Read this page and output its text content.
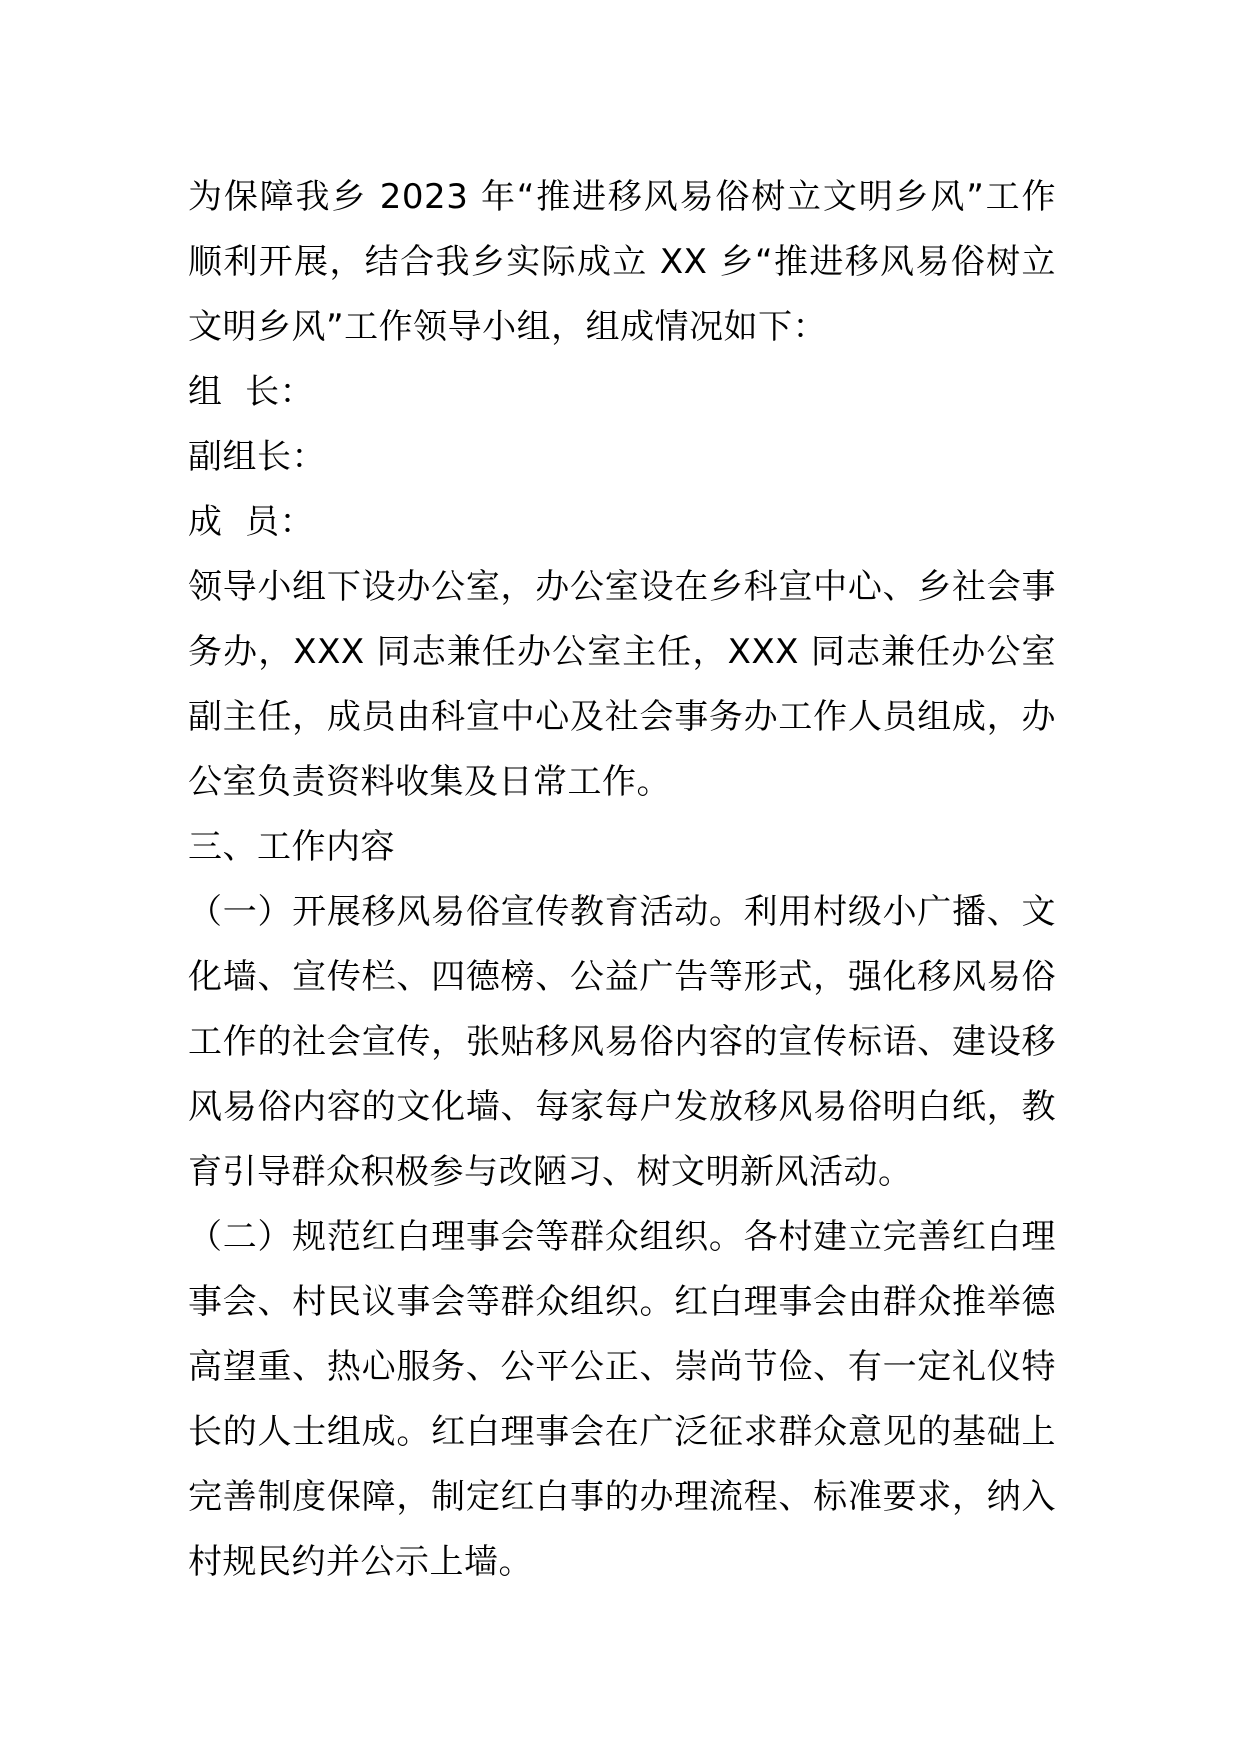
为保障我乡 2023 年“推进移风易俗树立文明乡风”工作顺利开展，结合我乡实际成立 XX 乡“推进移风易俗树立文明乡风”工作领导小组，组成情况如下：

组  长：

副组长：

成  员：

领导小组下设办公室，办公室设在乡科宣中心、乡社会事务办，XXX 同志兼任办公室主任，XXX 同志兼任办公室副主任，成员由科宣中心及社会事务办工作人员组成，办公室负责资料收集及日常工作。

三、工作内容

（一）开展移风易俗宣传教育活动。利用村级小广播、文化墙、宣传栏、四德榜、公益广告等形式，强化移风易俗工作的社会宣传，张贴移风易俗内容的宣传标语、建设移风易俗内容的文化墙、每家每户发放移风易俗明白纸，教育引导群众积极参与改陋习、树文明新风活动。

（二）规范红白理事会等群众组织。各村建立完善红白理事会、村民议事会等群众组织。红白理事会由群众推举德高望重、热心服务、公平公正、崇尚节俭、有一定礼仪特长的人士组成。红白理事会在广泛征求群众意见的基础上完善制度保障，制定红白事的办理流程、标准要求，纳入村规民约并公示上墙。
